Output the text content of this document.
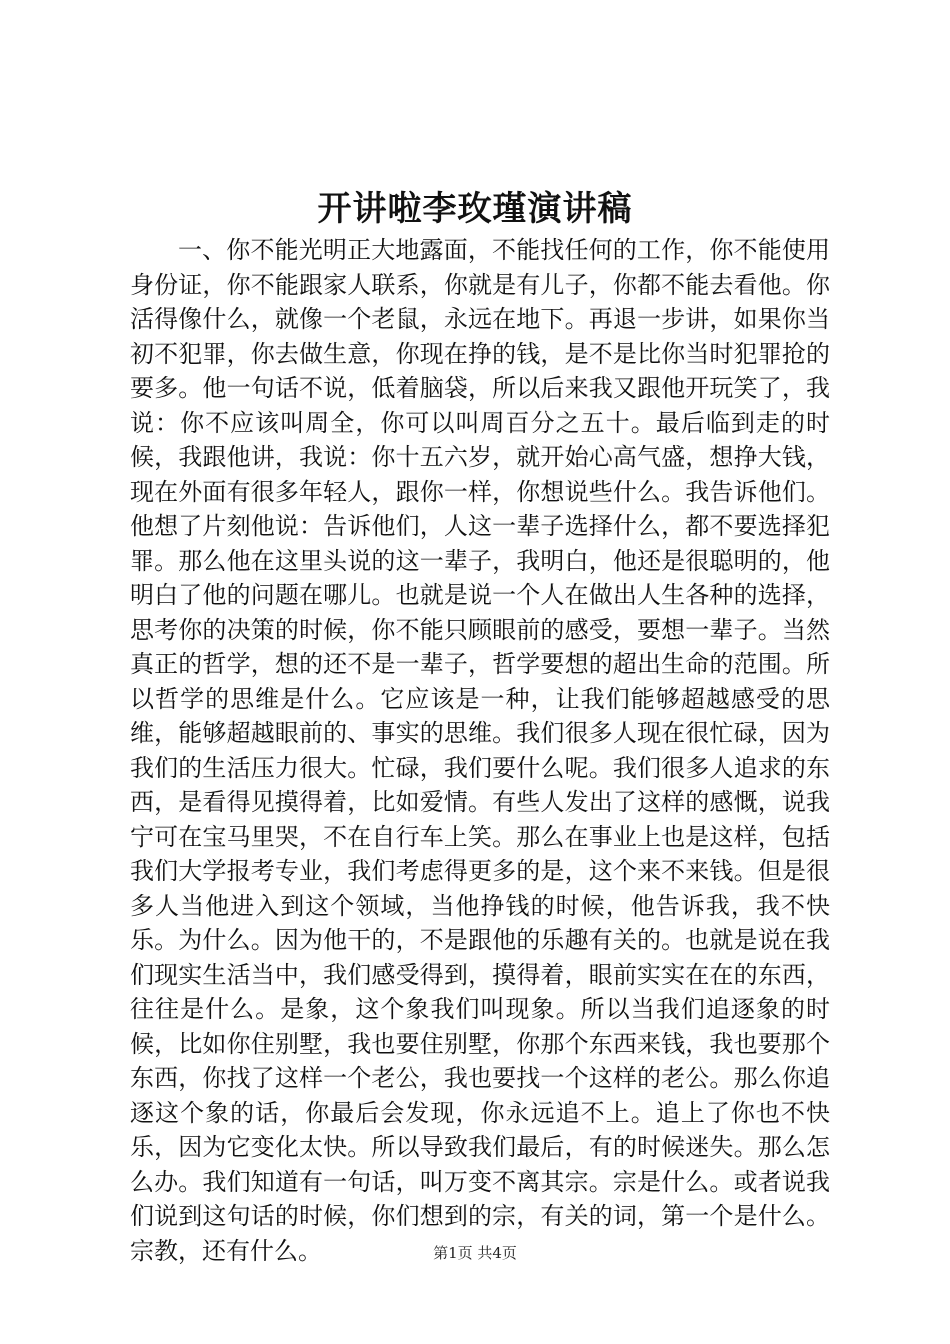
开讲啦李玫瑾演讲稿

一、你不能光明正大地露面，不能找任何的工作，你不能使用身份证，你不能跟家人联系，你就是有儿子，你都不能去看他。你活得像什么，就像一个老鼠，永远在地下。再退一步讲，如果你当初不犯罪，你去做生意，你现在挣的钱，是不是比你当时犯罪抢的要多。他一句话不说，低着脑袋，所以后来我又跟他开玩笑了，我说：你不应该叫周全，你可以叫周百分之五十。最后临到走的时候，我跟他讲，我说：你十五六岁，就开始心高气盛，想挣大钱，现在外面有很多年轻人，跟你一样，你想说些什么。我告诉他们。他想了片刻他说：告诉他们，人这一辈子选择什么，都不要选择犯罪。那么他在这里头说的这一辈子，我明白，他还是很聪明的，他明白了他的问题在哪儿。也就是说一个人在做出人生各种的选择，思考你的决策的时候，你不能只顾眼前的感受，要想一辈子。当然真正的哲学，想的还不是一辈子，哲学要想的超出生命的范围。所以哲学的思维是什么。它应该是一种，让我们能够超越感受的思维，能够超越眼前的、事实的思维。我们很多人现在很忙碌，因为我们的生活压力很大。忙碌，我们要什么呢。我们很多人追求的东西，是看得见摸得着，比如爱情。有些人发出了这样的感慨，说我宁可在宝马里哭，不在自行车上笑。那么在事业上也是这样，包括我们大学报考专业，我们考虑得更多的是，这个来不来钱。但是很多人当他进入到这个领域，当他挣钱的时候，他告诉我，我不快乐。为什么。因为他干的，不是跟他的乐趣有关的。也就是说在我们现实生活当中，我们感受得到，摸得着，眼前实实在在的东西，往往是什么。是象，这个象我们叫现象。所以当我们追逐象的时候，比如你住别墅，我也要住别墅，你那个东西来钱，我也要那个东西，你找了这样一个老公，我也要找一个这样的老公。那么你追逐这个象的话，你最后会发现，你永远追不上。追上了你也不快乐，因为它变化太快。所以导致我们最后，有的时候迷失。那么怎么办。我们知道有一句话，叫万变不离其宗。宗是什么。或者说我们说到这句话的时候，你们想到的宗，有关的词，第一个是什么。宗教，还有什么。	第1页 共4页
